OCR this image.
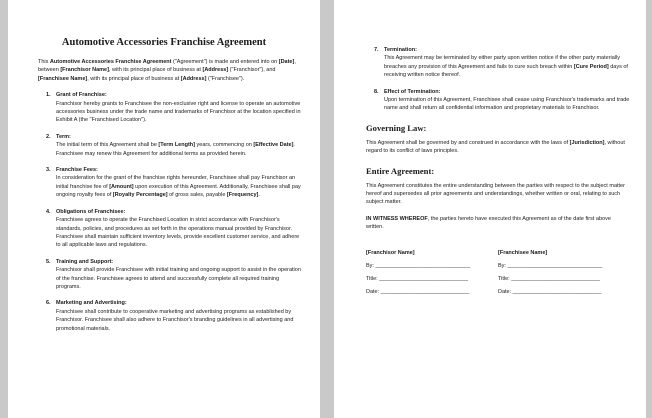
Automotive Accessories Franchise Agreement
This Automotive Accessories Franchise Agreement ("Agreement") is made and entered into on [Date], between [Franchisor Name], with its principal place of business at [Address] ("Franchisor"), and [Franchisee Name], with its principal place of business at [Address] ("Franchisee").
1. Grant of Franchise:
Franchisor hereby grants to Franchisee the non-exclusive right and license to operate an automotive accessories business under the trade name and trademarks of Franchisor at the location specified in Exhibit A (the "Franchised Location").
2. Term:
The initial term of this Agreement shall be [Term Length] years, commencing on [Effective Date]. Franchisee may renew this Agreement for additional terms as provided herein.
3. Franchise Fees:
In consideration for the grant of the franchise rights hereunder, Franchisee shall pay Franchisor an initial franchise fee of [Amount] upon execution of this Agreement. Additionally, Franchisee shall pay ongoing royalty fees of [Royalty Percentage] of gross sales, payable [Frequency].
4. Obligations of Franchisee:
Franchisee agrees to operate the Franchised Location in strict accordance with Franchisor's standards, policies, and procedures as set forth in the operations manual provided by Franchisor. Franchisee shall maintain sufficient inventory levels, provide excellent customer service, and adhere to all applicable laws and regulations.
5. Training and Support:
Franchisor shall provide Franchisee with initial training and ongoing support to assist in the operation of the franchise. Franchisee agrees to attend and successfully complete all required training programs.
6. Marketing and Advertising:
Franchisee shall contribute to cooperative marketing and advertising programs as established by Franchisor. Franchisee shall also adhere to Franchisor's branding guidelines in all advertising and promotional materials.
7. Termination:
This Agreement may be terminated by either party upon written notice if the other party materially breaches any provision of this Agreement and fails to cure such breach within [Cure Period] days of receiving written notice thereof.
8. Effect of Termination:
Upon termination of this Agreement, Franchisee shall cease using Franchisor's trademarks and trade name and shall return all confidential information and proprietary materials to Franchisor.
Governing Law:
This Agreement shall be governed by and construed in accordance with the laws of [Jurisdiction], without regard to its conflict of laws principles.
Entire Agreement:
This Agreement constitutes the entire understanding between the parties with respect to the subject matter hereof and supersedes all prior agreements and understandings, whether written or oral, relating to such subject matter.
IN WITNESS WHEREOF, the parties hereto have executed this Agreement as of the date first above written.
[Franchisor Name]
By: _______________________________
Title: _____________________________
Date: _____________________________
[Franchisee Name]
By: _______________________________
Title: _____________________________
Date: _____________________________
